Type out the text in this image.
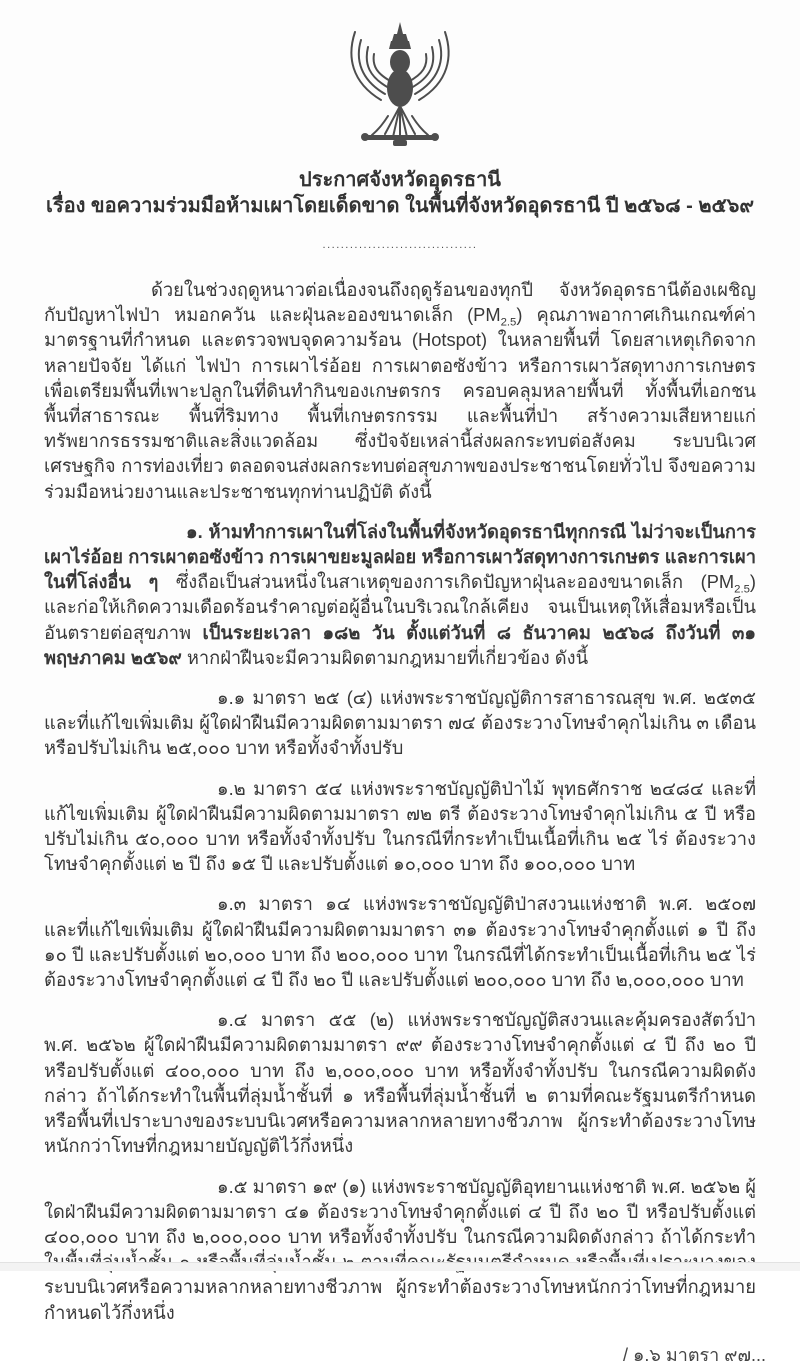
ประกาศจังหวัดอุดรธานี
เรื่อง ขอความร่วมมือห้ามเผาโดยเด็ดขาด ในพื้นที่จังหวัดอุดรธานี ปี ๒๕๖๘ - ๒๕๖๙
..................................

ด้วยในช่วงฤดูหนาวต่อเนื่องจนถึงฤดูร้อนของทุกปี จังหวัดอุดรธานีต้องเผชิญกับปัญหาไฟป่า หมอกควัน และฝุ่นละอองขนาดเล็ก $(PM_{2.5})$ คุณภาพอากาศเกินเกณฑ์ค่ามาตรฐานที่กำหนด และตรวจพบจุดความร้อน (Hotspot) ในหลายพื้นที่ โดยสาเหตุเกิดจากหลายปัจจัย ได้แก่ ไฟป่า การเผาไร่อ้อย การเผาตอซังข้าว หรือการเผาวัสดุทางการเกษตรเพื่อเตรียมพื้นที่เพาะปลูกในที่ดินทำกินของเกษตรกร ครอบคลุมหลายพื้นที่ ทั้งพื้นที่เอกชน พื้นที่สาธารณะ พื้นที่ริมทาง พื้นที่เกษตรกรรม และพื้นที่ป่า สร้างความเสียหายแก่ทรัพยากรธรรมชาติและสิ่งแวดล้อม ซึ่งปัจจัยเหล่านี้ส่งผลกระทบต่อสังคม ระบบนิเวศ เศรษฐกิจ การท่องเที่ยว ตลอดจนส่งผลกระทบต่อสุขภาพของประชาชนโดยทั่วไป จึงขอความร่วมมือหน่วยงานและประชาชนทุกท่านปฏิบัติ ดังนี้

๑. ห้ามทำการเผาในที่โล่งในพื้นที่จังหวัดอุดรธานีทุกกรณี ไม่ว่าจะเป็นการเผาไร่อ้อย การเผาตอซังข้าว การเผาขยะมูลฝอย หรือการเผาวัสดุทางการเกษตร และการเผาในที่โล่งอื่น ๆ ซึ่งถือเป็นส่วนหนึ่งในสาเหตุของการเกิดปัญหาฝุ่นละอองขนาดเล็ก $(PM_{2.5})$ และก่อให้เกิดความเดือดร้อนรำคาญต่อผู้อื่นในบริเวณใกล้เคียง จนเป็นเหตุให้เสื่อมหรือเป็นอันตรายต่อสุขภาพ เป็นระยะเวลา ๑๘๒ วัน ตั้งแต่วันที่ ๘ ธันวาคม ๒๕๖๘ ถึงวันที่ ๓๑ พฤษภาคม ๒๕๖๙ หากฝ่าฝืนจะมีความผิดตามกฎหมายที่เกี่ยวข้อง ดังนี้

๑.๑ มาตรา ๒๕ (๔) แห่งพระราชบัญญัติการสาธารณสุข พ.ศ. ๒๕๓๕ และที่แก้ไขเพิ่มเติม ผู้ใดฝ่าฝืนมีความผิดตามมาตรา ๗๔ ต้องระวางโทษจำคุกไม่เกิน ๓ เดือน หรือปรับไม่เกิน ๒๕,๐๐๐ บาท หรือทั้งจำทั้งปรับ

๑.๒ มาตรา ๕๔ แห่งพระราชบัญญัติป่าไม้ พุทธศักราช ๒๔๘๔ และที่แก้ไขเพิ่มเติม ผู้ใดฝ่าฝืนมีความผิดตามมาตรา ๗๒ ตรี ต้องระวางโทษจำคุกไม่เกิน ๕ ปี หรือปรับไม่เกิน ๕๐,๐๐๐ บาท หรือทั้งจำทั้งปรับ ในกรณีที่กระทำเป็นเนื้อที่เกิน ๒๕ ไร่ ต้องระวางโทษจำคุกตั้งแต่ ๒ ปี ถึง ๑๕ ปี และปรับตั้งแต่ ๑๐,๐๐๐ บาท ถึง ๑๐๐,๐๐๐ บาท

๑.๓ มาตรา ๑๔ แห่งพระราชบัญญัติป่าสงวนแห่งชาติ พ.ศ. ๒๕๐๗ และที่แก้ไขเพิ่มเติม ผู้ใดฝ่าฝืนมีความผิดตามมาตรา ๓๑ ต้องระวางโทษจำคุกตั้งแต่ ๑ ปี ถึง ๑๐ ปี และปรับตั้งแต่ ๒๐,๐๐๐ บาท ถึง ๒๐๐,๐๐๐ บาท ในกรณีที่ได้กระทำเป็นเนื้อที่เกิน ๒๕ ไร่ ต้องระวางโทษจำคุกตั้งแต่ ๔ ปี ถึง ๒๐ ปี และปรับตั้งแต่ ๒๐๐,๐๐๐ บาท ถึง ๒,๐๐๐,๐๐๐ บาท

๑.๔ มาตรา ๕๕ (๒) แห่งพระราชบัญญัติสงวนและคุ้มครองสัตว์ป่า พ.ศ. ๒๕๖๒ ผู้ใดฝ่าฝืนมีความผิดตามมาตรา ๙๙ ต้องระวางโทษจำคุกตั้งแต่ ๔ ปี ถึง ๒๐ ปี หรือปรับตั้งแต่ ๔๐๐,๐๐๐ บาท ถึง ๒,๐๐๐,๐๐๐ บาท หรือทั้งจำทั้งปรับ ในกรณีความผิดดังกล่าว ถ้าได้กระทำในพื้นที่ลุ่มน้ำชั้นที่ ๑ หรือพื้นที่ลุ่มน้ำชั้นที่ ๒ ตามที่คณะรัฐมนตรีกำหนด หรือพื้นที่เปราะบางของระบบนิเวศหรือความหลากหลายทางชีวภาพ ผู้กระทำต้องระวางโทษหนักกว่าโทษที่กฎหมายบัญญัติไว้กึ่งหนึ่ง

๑.๕ มาตรา ๑๙ (๑) แห่งพระราชบัญญัติอุทยานแห่งชาติ พ.ศ. ๒๕๖๒ ผู้ใดฝ่าฝืนมีความผิดตามมาตรา ๔๑ ต้องระวางโทษจำคุกตั้งแต่ ๔ ปี ถึง ๒๐ ปี หรือปรับตั้งแต่ ๔๐๐,๐๐๐ บาท ถึง ๒,๐๐๐,๐๐๐ บาท หรือทั้งจำทั้งปรับ ในกรณีความผิดดังกล่าว ถ้าได้กระทำ ระบบนิเวศหรือความหลากหลายทางชีวภาพ ผู้กระทำต้องระวางโทษหนักกว่าโทษที่กฎหมายกำหนดไว้กึ่งหนึ่ง

/ ๑.๖ มาตรา ๙๗...
